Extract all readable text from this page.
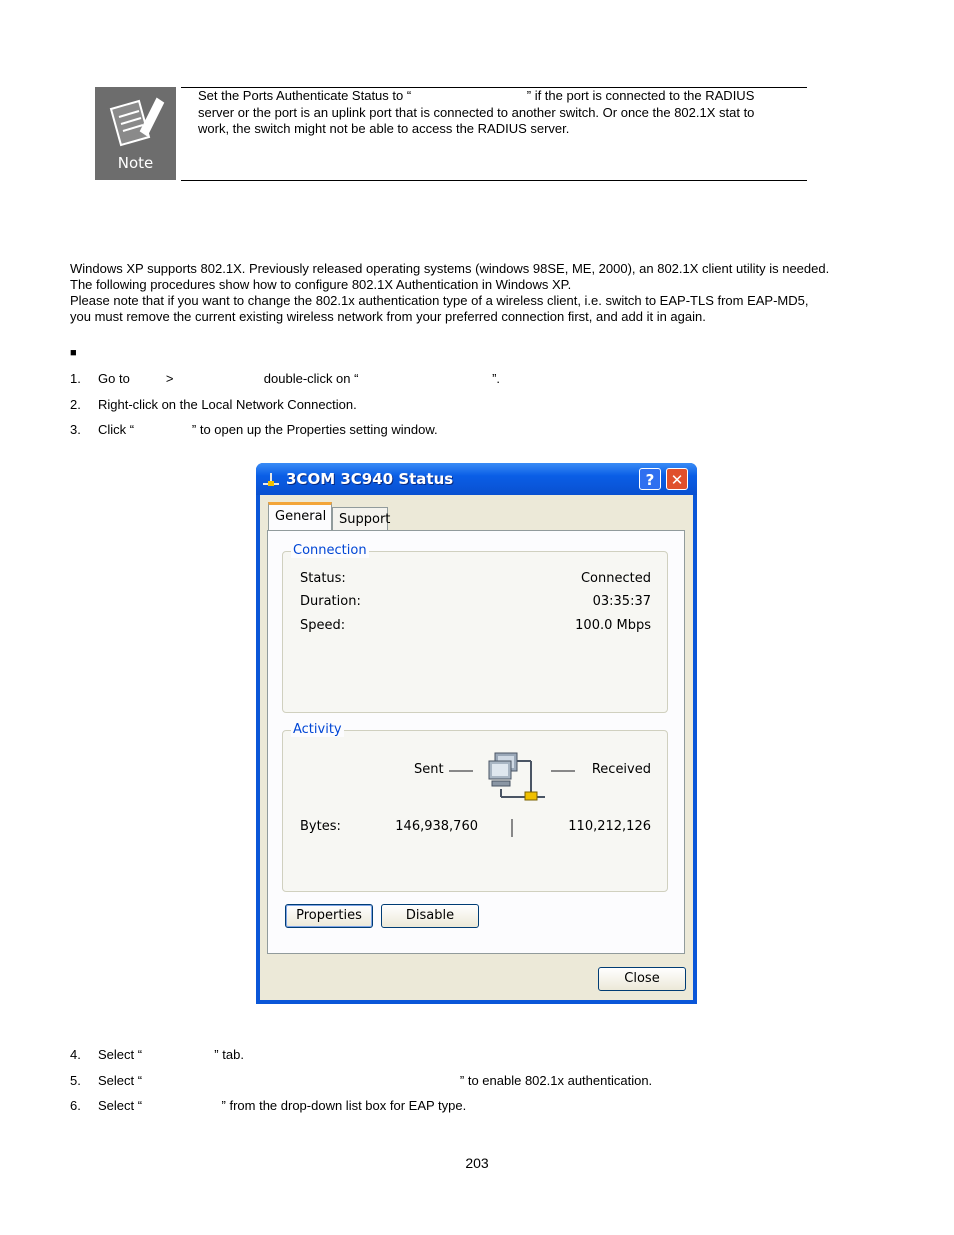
Note
Set the Ports Authenticate Status to “                                ” if the port is connected to the RADIUS
server or the port is an uplink port that is connected to another switch. Or once the 802.1X stat to
work, the switch might not be able to access the RADIUS server.
Windows XP supports 802.1X. Previously released operating systems (windows 98SE, ME, 2000), an 802.1X client utility is needed.
The following procedures show how to configure 802.1X Authentication in Windows XP.
Please note that if you want to change the 802.1x authentication type of a wireless client, i.e. switch to EAP-TLS from EAP-MD5,
you must remove the current existing wireless network from your preferred connection first, and add it in again.
■
1. Go to          >                         double-click on “                                     ”.
2. Right-click on the Local Network Connection.
3. Click “                ” to open up the Properties setting window.
3COM 3C940 Status	?	✕
General Support
Connection
Status:	Connected
Duration:	03:35:37
Speed:	100.0 Mbps
Activity
Sent	Received
Bytes:	146,938,760	110,212,126
Properties	Disable
Close
4. Select “                    ” tab.
5. Select “                                                                                        ” to enable 802.1x authentication.
6. Select “                      ” from the drop-down list box for EAP type.
203
